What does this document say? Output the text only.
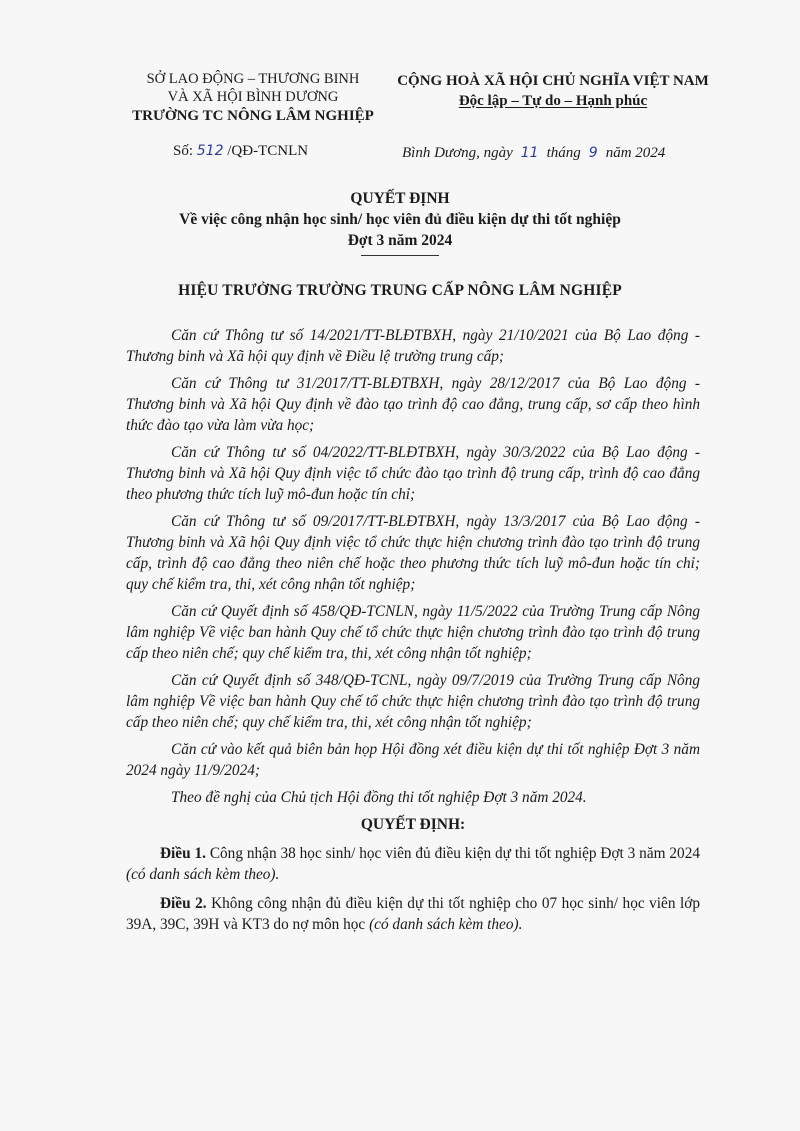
SỞ LAO ĐỘNG – THƯƠNG BINH
VÀ XÃ HỘI BÌNH DƯƠNG
TRƯỜNG TC NÔNG LÂM NGHIỆP
CỘNG HOÀ XÃ HỘI CHỦ NGHĨA VIỆT NAM
Độc lập – Tự do – Hạnh phúc
Số: 512 /QĐ-TCNLN	Bình Dương, ngày 11 tháng 9 năm 2024
QUYẾT ĐỊNH
Về việc công nhận học sinh/ học viên đủ điều kiện dự thi tốt nghiệp
Đợt 3 năm 2024
HIỆU TRƯỞNG TRƯỜNG TRUNG CẤP NÔNG LÂM NGHIỆP

Căn cứ Thông tư số 14/2021/TT-BLĐTBXH, ngày 21/10/2021 của Bộ Lao động - Thương binh và Xã hội quy định về Điều lệ trường trung cấp;

Căn cứ Thông tư 31/2017/TT-BLĐTBXH, ngày 28/12/2017 của Bộ Lao động - Thương binh và Xã hội Quy định về đào tạo trình độ cao đẳng, trung cấp, sơ cấp theo hình thức đào tạo vừa làm vừa học;

Căn cứ Thông tư số 04/2022/TT-BLĐTBXH, ngày 30/3/2022 của Bộ Lao động - Thương binh và Xã hội Quy định việc tổ chức đào tạo trình độ trung cấp, trình độ cao đẳng theo phương thức tích luỹ mô-đun hoặc tín chỉ;

Căn cứ Thông tư số 09/2017/TT-BLĐTBXH, ngày 13/3/2017 của Bộ Lao động - Thương binh và Xã hội Quy định việc tổ chức thực hiện chương trình đào tạo trình độ trung cấp, trình độ cao đẳng theo niên chế hoặc theo phương thức tích luỹ mô-đun hoặc tín chỉ; quy chế kiểm tra, thi, xét công nhận tốt nghiệp;

Căn cứ Quyết định số 458/QĐ-TCNLN, ngày 11/5/2022 của Trường Trung cấp Nông lâm nghiệp Về việc ban hành Quy chế tổ chức thực hiện chương trình đào tạo trình độ trung cấp theo niên chế; quy chế kiểm tra, thi, xét công nhận tốt nghiệp;

Căn cứ Quyết định số 348/QĐ-TCNL, ngày 09/7/2019 của Trường Trung cấp Nông lâm nghiệp Về việc ban hành Quy chế tổ chức thực hiện chương trình đào tạo trình độ trung cấp theo niên chế; quy chế kiểm tra, thi, xét công nhận tốt nghiệp;

Căn cứ vào kết quả biên bản họp Hội đồng xét điều kiện dự thi tốt nghiệp Đợt 3 năm 2024 ngày 11/9/2024;

Theo đề nghị của Chủ tịch Hội đồng thi tốt nghiệp Đợt 3 năm 2024.

QUYẾT ĐỊNH:
Điều 1. Công nhận 38 học sinh/ học viên đủ điều kiện dự thi tốt nghiệp Đợt 3 năm 2024 (có danh sách kèm theo).
Điều 2. Không công nhận đủ điều kiện dự thi tốt nghiệp cho 07 học sinh/ học viên lớp 39A, 39C, 39H và KT3 do nợ môn học (có danh sách kèm theo).
